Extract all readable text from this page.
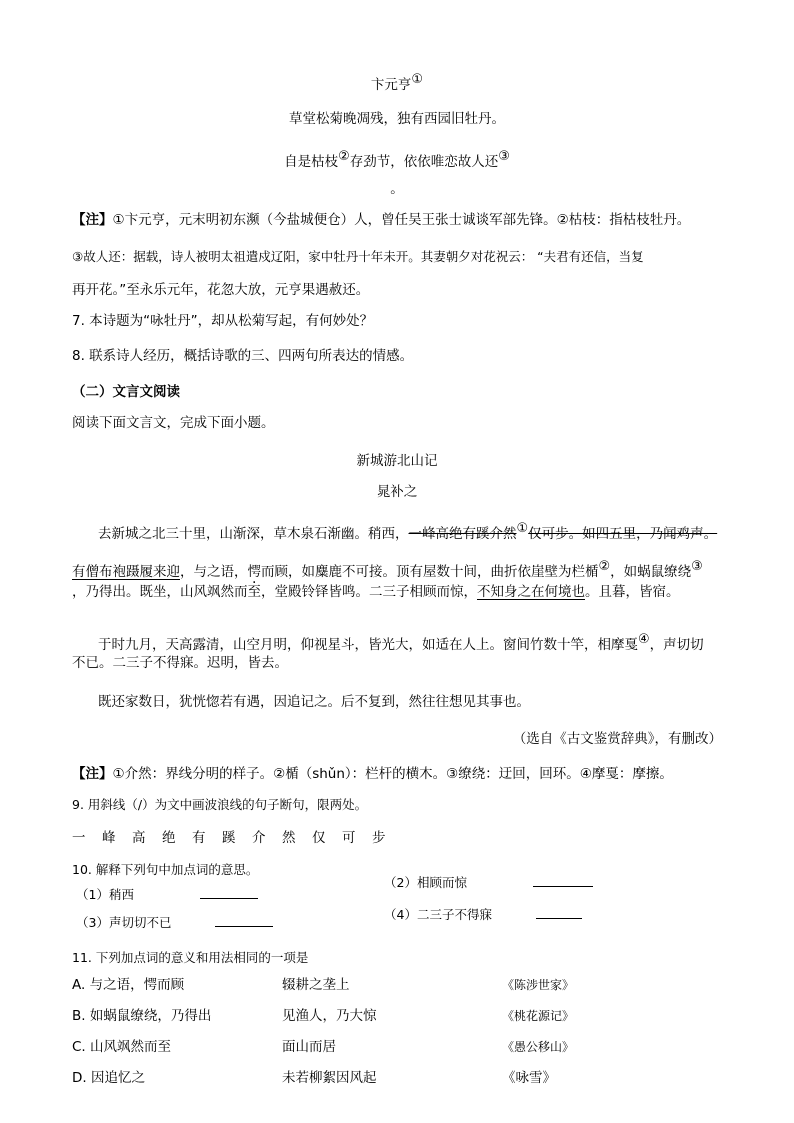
卞元亨①
草堂松菊晚凋残，独有西园旧牡丹。
自是枯枝②存劲节，依依唯恋故人还③
。
【注】①卞元亨，元末明初东濒（今盐城便仓）人，曾任吴王张士诚谈军部先锋。②枯枝：指枯枝牡丹。
③故人还：据载，诗人被明太祖遣戍辽阳，家中牡丹十年未开。其妻朝夕对花祝云： “夫君有还信，当复
再开花。”至永乐元年，花忽大放，元亨果遇赦还。
7. 本诗题为“咏牡丹”，却从松菊写起，有何妙处？
8. 联系诗人经历，概括诗歌的三、四两句所表达的情感。
（二）文言文阅读
阅读下面文言文，完成下面小题。
新城游北山记
晁补之
去新城之北三十里，山渐深，草木泉石渐幽。稍西，一峰高绝有蹊介然①仅可步。如四五里，乃闻鸡声。
有僧布袍蹑履来迎，与之语，愕而顾，如麋鹿不可接。顶有屋数十间，曲折依崖壁为栏楯②，如蜗鼠缭绕③
，乃得出。既坐，山风飒然而至，堂殿铃铎皆鸣。二三子相顾而惊，不知身之在何境也。且暮，皆宿。
于时九月，天高露清，山空月明，仰视星斗，皆光大，如适在人上。窗间竹数十竿，相摩戛④，声切切
不已。二三子不得寐。迟明，皆去。
既还家数日，犹恍惚若有遇，因追记之。后不复到，然往往想见其事也。
（选自《古文鉴赏辞典》，有删改）
【注】①介然：界线分明的样子。②楯（shǔn）：栏杆的横木。③缭绕：迂回，回环。④摩戛：摩擦。
9. 用斜线（/）为文中画波浪线的句子断句，限两处。
一 峰 高 绝 有 蹊 介 然 仅 可 步
10. 解释下列句中加点词的意思。
（1）稍西
（2）相顾而惊
（3）声切切不已
（4）二三子不得寐
11. 下列加点词的意义和用法相同的一项是
A. 与之语，愕而顾	辍耕之垄上	《陈涉世家》
B. 如蜗鼠缭绕，乃得出	见渔人，乃大惊	《桃花源记》
C. 山风飒然而至	面山而居	《愚公移山》
D. 因追忆之	未若柳絮因风起	《咏雪》
